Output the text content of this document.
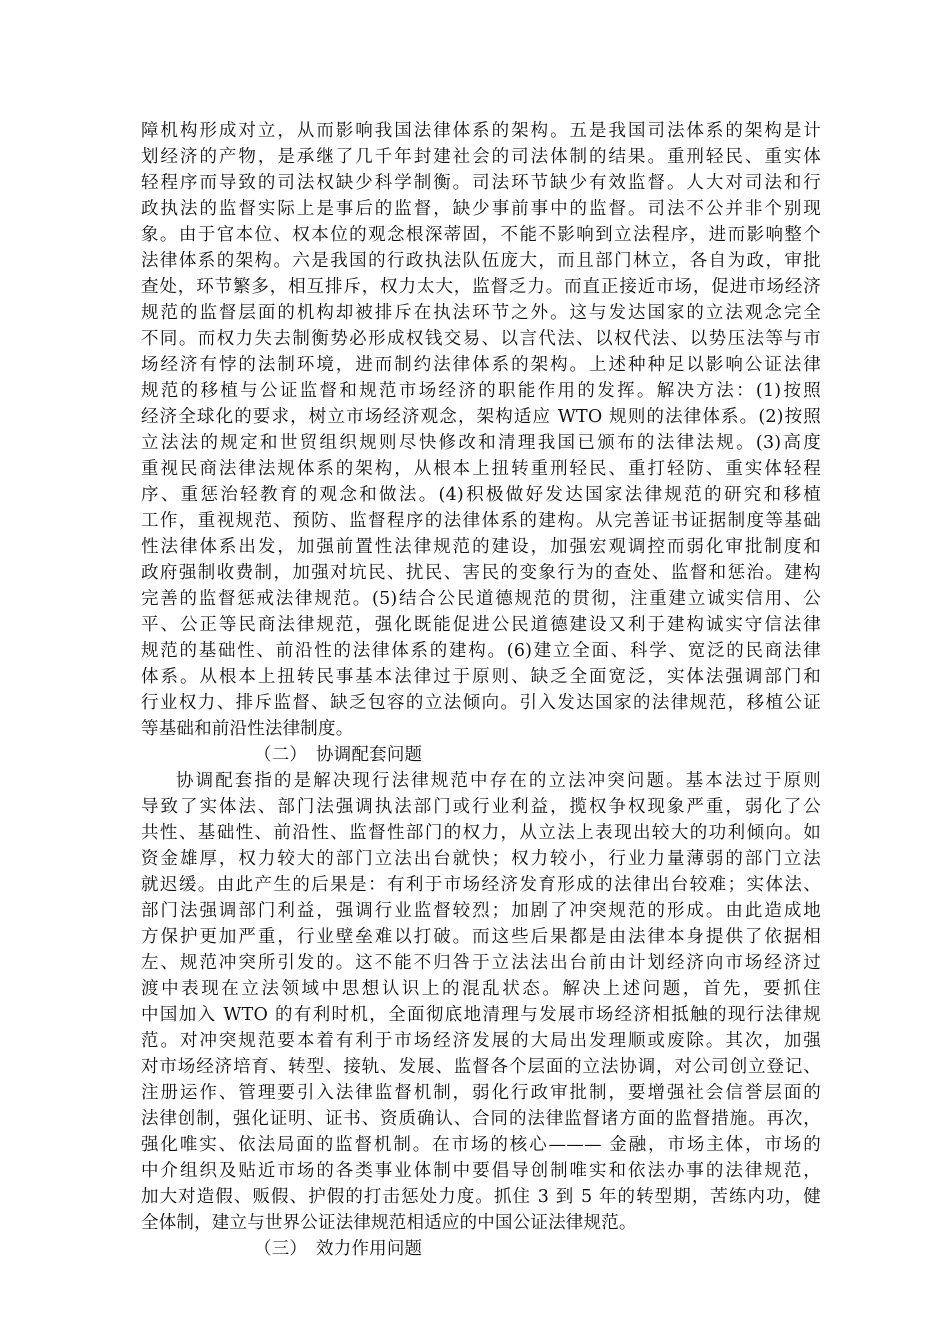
障机构形成对立，从而影响我国法律体系的架构。五是我国司法体系的架构是计
划经济的产物，是承继了几千年封建社会的司法体制的结果。重刑轻民、重实体
轻程序而导致的司法权缺少科学制衡。司法环节缺少有效监督。人大对司法和行
政执法的监督实际上是事后的监督，缺少事前事中的监督。司法不公并非个别现
象。由于官本位、权本位的观念根深蒂固，不能不影响到立法程序，进而影响整个
法律体系的架构。六是我国的行政执法队伍庞大，而且部门林立，各自为政，审批
查处，环节繁多，相互排斥，权力太大，监督乏力。而直正接近市场，促进市场经济
规范的监督层面的机构却被排斥在执法环节之外。这与发达国家的立法观念完全
不同。而权力失去制衡势必形成权钱交易、以言代法、以权代法、以势压法等与市
场经济有悖的法制环境，进而制约法律体系的架构。上述种种足以影响公证法律
规范的移植与公证监督和规范市场经济的职能作用的发挥。解决方法：(1)按照
经济全球化的要求，树立市场经济观念，架构适应 WTO 规则的法律体系。(2)按照
立法法的规定和世贸组织规则尽快修改和清理我国已颁布的法律法规。(3)高度
重视民商法律法规体系的架构，从根本上扭转重刑轻民、重打轻防、重实体轻程
序、重惩治轻教育的观念和做法。(4)积极做好发达国家法律规范的研究和移植
工作，重视规范、预防、监督程序的法律体系的建构。从完善证书证据制度等基础
性法律体系出发，加强前置性法律规范的建设，加强宏观调控而弱化审批制度和
政府强制收费制，加强对坑民、扰民、害民的变象行为的查处、监督和惩治。建构
完善的监督惩戒法律规范。(5)结合公民道德规范的贯彻，注重建立诚实信用、公
平、公正等民商法律规范，强化既能促进公民道德建设又利于建构诚实守信法律
规范的基础性、前沿性的法律体系的建构。(6)建立全面、科学、宽泛的民商法律
体系。从根本上扭转民事基本法律过于原则、缺乏全面宽泛，实体法强调部门和
行业权力、排斥监督、缺乏包容的立法倾向。引入发达国家的法律规范，移植公证
等基础和前沿性法律制度。
（二）　协调配套问题
协调配套指的是解决现行法律规范中存在的立法冲突问题。基本法过于原则
导致了实体法、部门法强调执法部门或行业利益，揽权争权现象严重，弱化了公
共性、基础性、前沿性、监督性部门的权力，从立法上表现出较大的功利倾向。如
资金雄厚，权力较大的部门立法出台就快；权力较小，行业力量薄弱的部门立法
就迟缓。由此产生的后果是：有利于市场经济发育形成的法律出台较难；实体法、
部门法强调部门利益，强调行业监督较烈；加剧了冲突规范的形成。由此造成地
方保护更加严重，行业壁垒难以打破。而这些后果都是由法律本身提供了依据相
左、规范冲突所引发的。这不能不归咎于立法法出台前由计划经济向市场经济过
渡中表现在立法领域中思想认识上的混乱状态。解决上述问题，首先，要抓住
中国加入 WTO 的有利时机，全面彻底地清理与发展市场经济相抵触的现行法律规
范。对冲突规范要本着有利于市场经济发展的大局出发理顺或废除。其次，加强
对市场经济培育、转型、接轨、发展、监督各个层面的立法协调，对公司创立登记、
注册运作、管理要引入法律监督机制，弱化行政审批制，要增强社会信誉层面的
法律创制，强化证明、证书、资质确认、合同的法律监督诸方面的监督措施。再次，
强化唯实、依法局面的监督机制。在市场的核心——— 金融，市场主体，市场的
中介组织及贴近市场的各类事业体制中要倡导创制唯实和依法办事的法律规范，
加大对造假、贩假、护假的打击惩处力度。抓住 3 到 5 年的转型期，苦练内功，健
全体制，建立与世界公证法律规范相适应的中国公证法律规范。
（三）　效力作用问题
